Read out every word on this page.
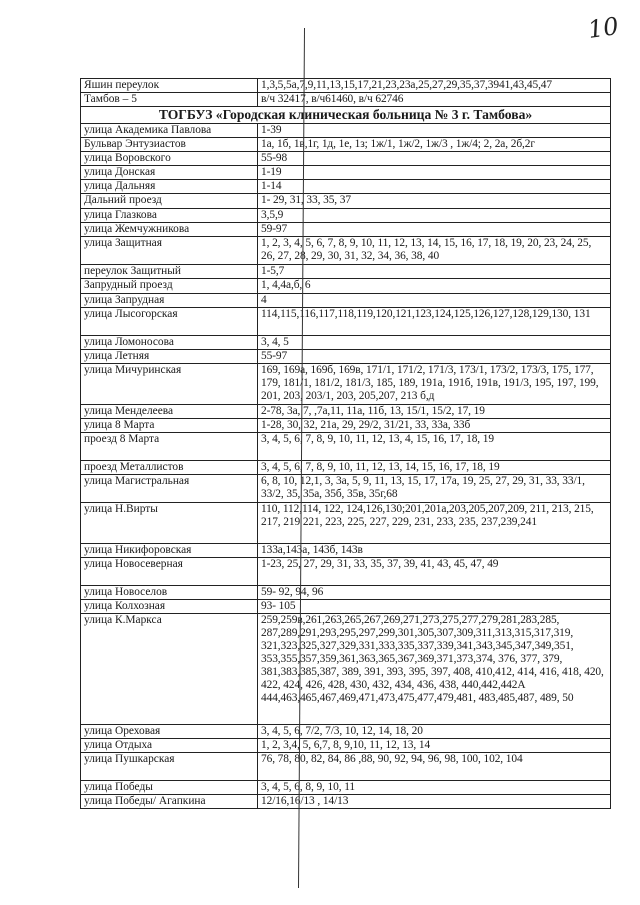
10
Яшин переулок	1,3,5,5а,7,9,11,13,15,17,21,23,23а,25,27,29,35,37,3941,43,45,47
Тамбов – 5	в/ч 32417, в/ч61460, в/ч 62746
ТОГБУЗ «Городская клиническая больница № 3 г. Тамбова»	
улица Академика Павлова	1-39
Бульвар Энтузиастов	1а, 1б, 1в,1г, 1д, 1е, 1з; 1ж/1, 1ж/2, 1ж/3 , 1ж/4; 2, 2а, 2б,2г
улица Воровского	55-98
улица Донская	1-19
улица Дальняя	1-14
Дальний проезд	1- 29, 31, 33, 35, 37
улица Глазкова	3,5,9
улица Жемчужникова	59-97
улица Защитная	1, 2, 3, 4, 5, 6, 7, 8, 9, 10, 11, 12, 13, 14, 15, 16, 17, 18, 19, 20, 23, 24, 25, 26, 27, 28, 29, 30, 31, 32, 34, 36, 38, 40
переулок Защитный	1-5,7
Запрудный проезд	1, 4,4а,б, 6
улица Запрудная	4
улица Лысогорская	114,115,116,117,118,119,120,121,123,124,125,126,127,128,129,130, 131
улица Ломоносова	3, 4, 5
улица Летняя	55-97
улица Мичуринская	169, 169а, 169б, 169в, 171/1, 171/2, 171/3, 173/1, 173/2, 173/3, 175, 177, 179, 181/1, 181/2, 181/3, 185, 189, 191а, 191б, 191в, 191/3, 195, 197, 199, 201, 203, 203/1, 203, 205,207, 213 б,д
улица Менделеева	2-78, 3а, 7, ,7а,11, 11а, 11б, 13, 15/1, 15/2, 17, 19
улица 8 Марта	1-28, 30, 32, 21а, 29, 29/2, 31/21, 33, 33а, 33б
проезд 8 Марта	3, 4, 5, 6, 7, 8, 9, 10, 11, 12, 13, 4, 15, 16, 17, 18, 19
проезд Металлистов	3, 4, 5, 6, 7, 8, 9, 10, 11, 12, 13, 14, 15, 16, 17, 18, 19
улица Магистральная	6, 8, 10, 12,1, 3, 3а, 5, 9, 11, 13, 15, 17, 17а, 19, 25, 27, 29, 31, 33, 33/1, 33/2, 35, 35а, 35б, 35в, 35г,68
улица Н.Вирты	110, 112,114, 122, 124,126,130;201,201а,203,205,207,209, 211, 213, 215, 217, 219 221, 223, 225, 227, 229, 231, 233, 235, 237,239,241
улица Никифоровская	133а,143а, 143б, 143в
улица Новосеверная	1-23, 25, 27, 29, 31, 33, 35, 37, 39, 41, 43, 45, 47, 49
улица Новоселов	59- 92, 94, 96
улица Колхозная	93- 105
улица К.Маркса	259,259в,261,263,265,267,269,271,273,275,277,279,281,283,285, 287,289,291,293,295,297,299,301,305,307,309,311,313,315,317,319, 321,323,325,327,329,331,333,335,337,339,341,343,345,347,349,351, 353,355,357,359,361,363,365,367,369,371,373,374, 376, 377, 379, 381,383,385,387, 389, 391, 393, 395, 397, 408, 410,412, 414, 416, 418, 420, 422, 424, 426, 428, 430, 432, 434, 436, 438, 440,442,442А 444,463,465,467,469,471,473,475,477,479,481, 483,485,487, 489, 50
улица Ореховая	3, 4, 5, 6, 7/2, 7/3, 10, 12, 14, 18, 20
улица Отдыха	1, 2, 3,4, 5, 6,7, 8, 9,10, 11, 12, 13, 14
улица Пушкарская	76, 78, 80, 82, 84, 86 ,88, 90, 92, 94, 96, 98, 100, 102, 104
улица Победы	3, 4, 5, 6, 8, 9, 10, 11
улица Победы/ Агапкина	12/16,16/13 , 14/13
